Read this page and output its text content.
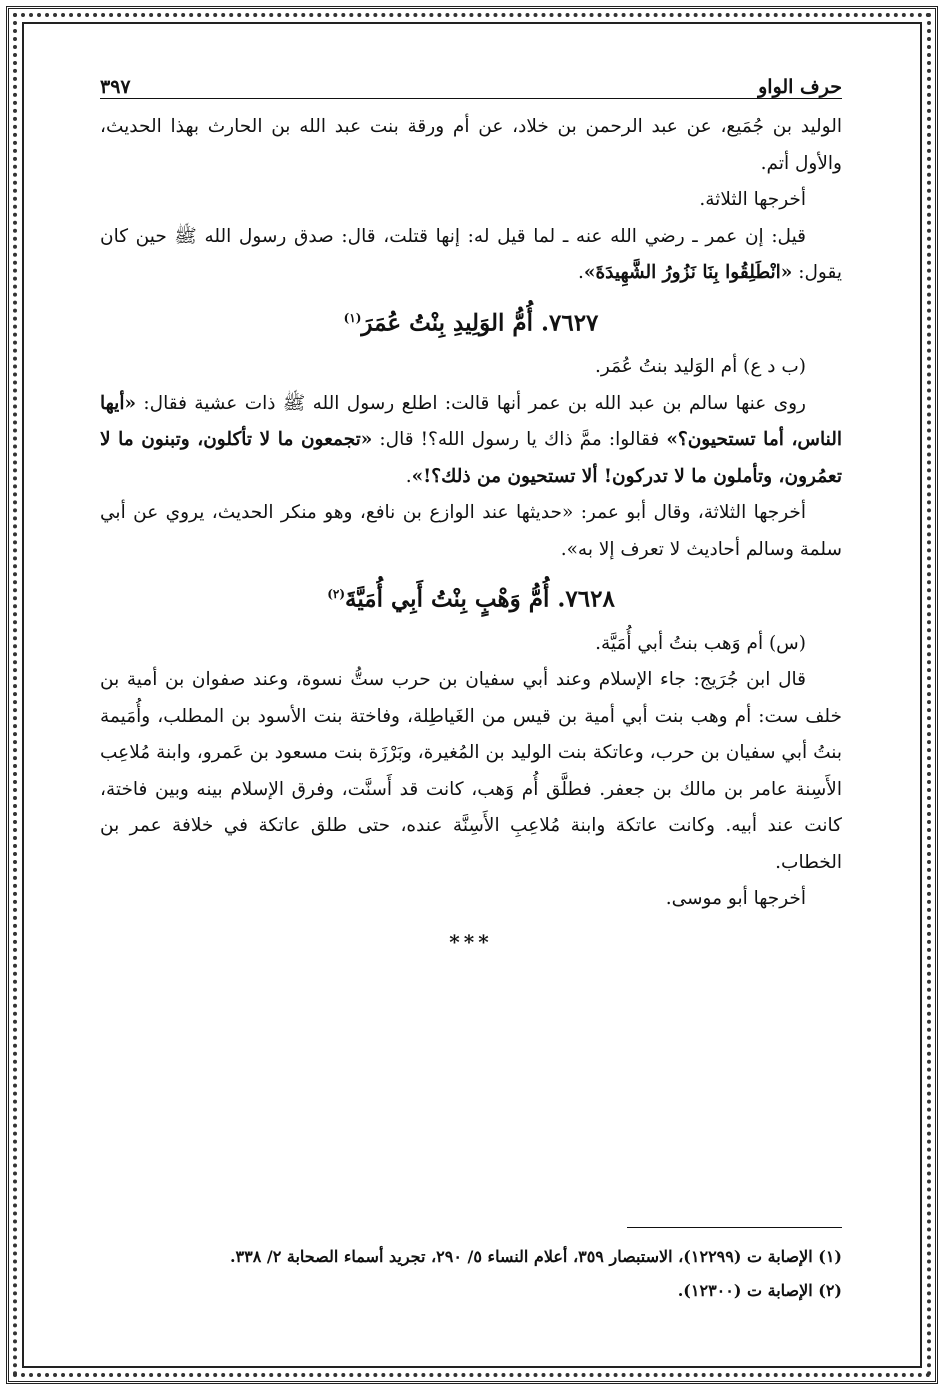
حرف الواو
٣٩٧

الوليد بن جُمَيع، عن عبد الرحمن بن خلاد، عن أم ورقة بنت عبد الله بن الحارث بهذا الحديث، والأول أتم.

أخرجها الثلاثة.

قيل: إن عمر ـ رضي الله عنه ـ لما قيل له: إنها قتلت، قال: صدق رسول الله ﷺ حين كان يقول: «انْطَلِقُوا بِنَا نَزُورُ الشَّهِيدَةَ».

٧٦٢٧. أُمُّ الوَلِيدِ بِنْتُ عُمَرَ$^{(١)}$

(ب د ع) أم الوَليد بنتُ عُمَر.

روى عنها سالم بن عبد الله بن عمر أنها قالت: اطلع رسول الله ﷺ ذات عشية فقال: «أيها الناس، أما تستحيون؟» فقالوا: ممَّ ذاك يا رسول الله؟! قال: «تجمعون ما لا تأكلون، وتبنون ما لا تعمُرون، وتأملون ما لا تدركون! ألا تستحيون من ذلك؟!».

أخرجها الثلاثة، وقال أبو عمر: «حديثها عند الوازع بن نافع، وهو منكر الحديث، يروي عن أبي سلمة وسالم أحاديث لا تعرف إلا به».

٧٦٢٨. أُمُّ وَهْبٍ بِنْتُ أَبِي أُمَيَّةَ$^{(٢)}$

(س) أم وَهب بنتُ أبي أُمَيَّة.

قال ابن جُرَيج: جاء الإسلام وعند أبي سفيان بن حرب ستُّ نسوة، وعند صفوان بن أمية بن خلف ست: أم وهب بنت أبي أمية بن قيس من الغَياطِلة، وفاختة بنت الأسود بن المطلب، وأُمَيمة بنتُ أبي سفيان بن حرب، وعاتكة بنت الوليد بن المُغيرة، وبَرْزَة بنت مسعود بن عَمرو، وابنة مُلاعِب الأَسِنة عامر بن مالك بن جعفر. فطلَّق أُم وَهب، كانت قد أَسنَّت، وفرق الإسلام بينه وبين فاختة، كانت عند أبيه. وكانت عاتكة وابنة مُلاعِبِ الأَسِنَّة عنده، حتى طلق عاتكة في خلافة عمر بن الخطاب.

أخرجها أبو موسى.

***
(١) الإصابة ت (١٢٢٩٩)، الاستبصار ٣٥٩، أعلام النساء ٥/ ٢٩٠، تجريد أسماء الصحابة ٢/ ٣٣٨.
(٢) الإصابة ت (١٢٣٠٠).
